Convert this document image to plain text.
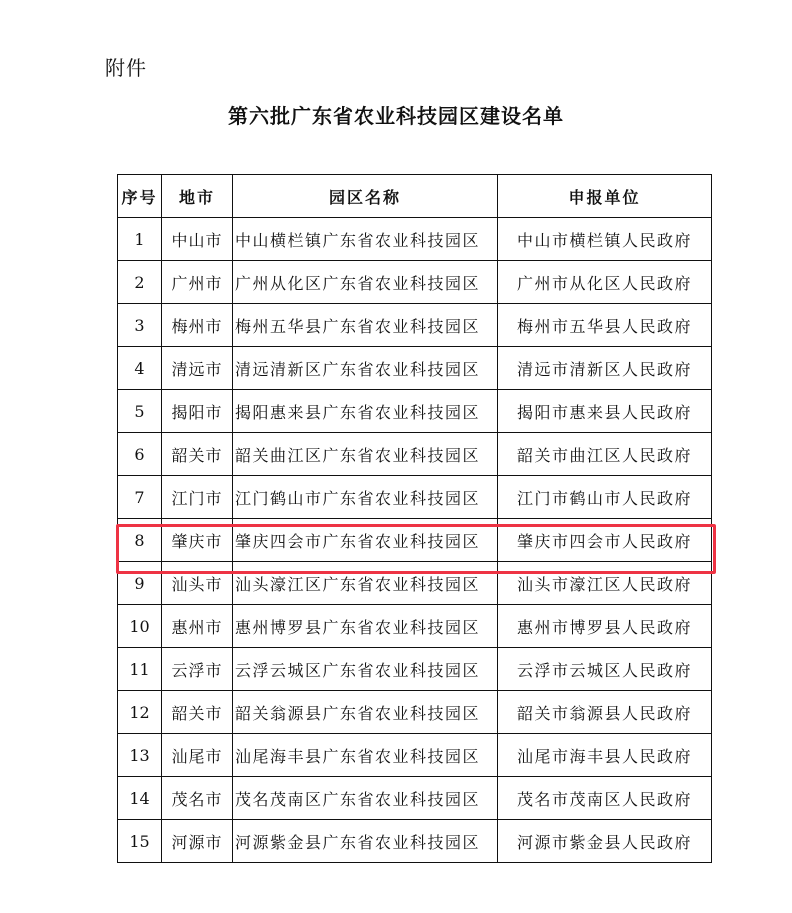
附件
第六批广东省农业科技园区建设名单
序号	地市	园区名称	申报单位
1	中山市	中山横栏镇广东省农业科技园区	中山市横栏镇人民政府
2	广州市	广州从化区广东省农业科技园区	广州市从化区人民政府
3	梅州市	梅州五华县广东省农业科技园区	梅州市五华县人民政府
4	清远市	清远清新区广东省农业科技园区	清远市清新区人民政府
5	揭阳市	揭阳惠来县广东省农业科技园区	揭阳市惠来县人民政府
6	韶关市	韶关曲江区广东省农业科技园区	韶关市曲江区人民政府
7	江门市	江门鹤山市广东省农业科技园区	江门市鹤山市人民政府
8	肇庆市	肇庆四会市广东省农业科技园区	肇庆市四会市人民政府
9	汕头市	汕头濠江区广东省农业科技园区	汕头市濠江区人民政府
10	惠州市	惠州博罗县广东省农业科技园区	惠州市博罗县人民政府
11	云浮市	云浮云城区广东省农业科技园区	云浮市云城区人民政府
12	韶关市	韶关翁源县广东省农业科技园区	韶关市翁源县人民政府
13	汕尾市	汕尾海丰县广东省农业科技园区	汕尾市海丰县人民政府
14	茂名市	茂名茂南区广东省农业科技园区	茂名市茂南区人民政府
15	河源市	河源紫金县广东省农业科技园区	河源市紫金县人民政府
